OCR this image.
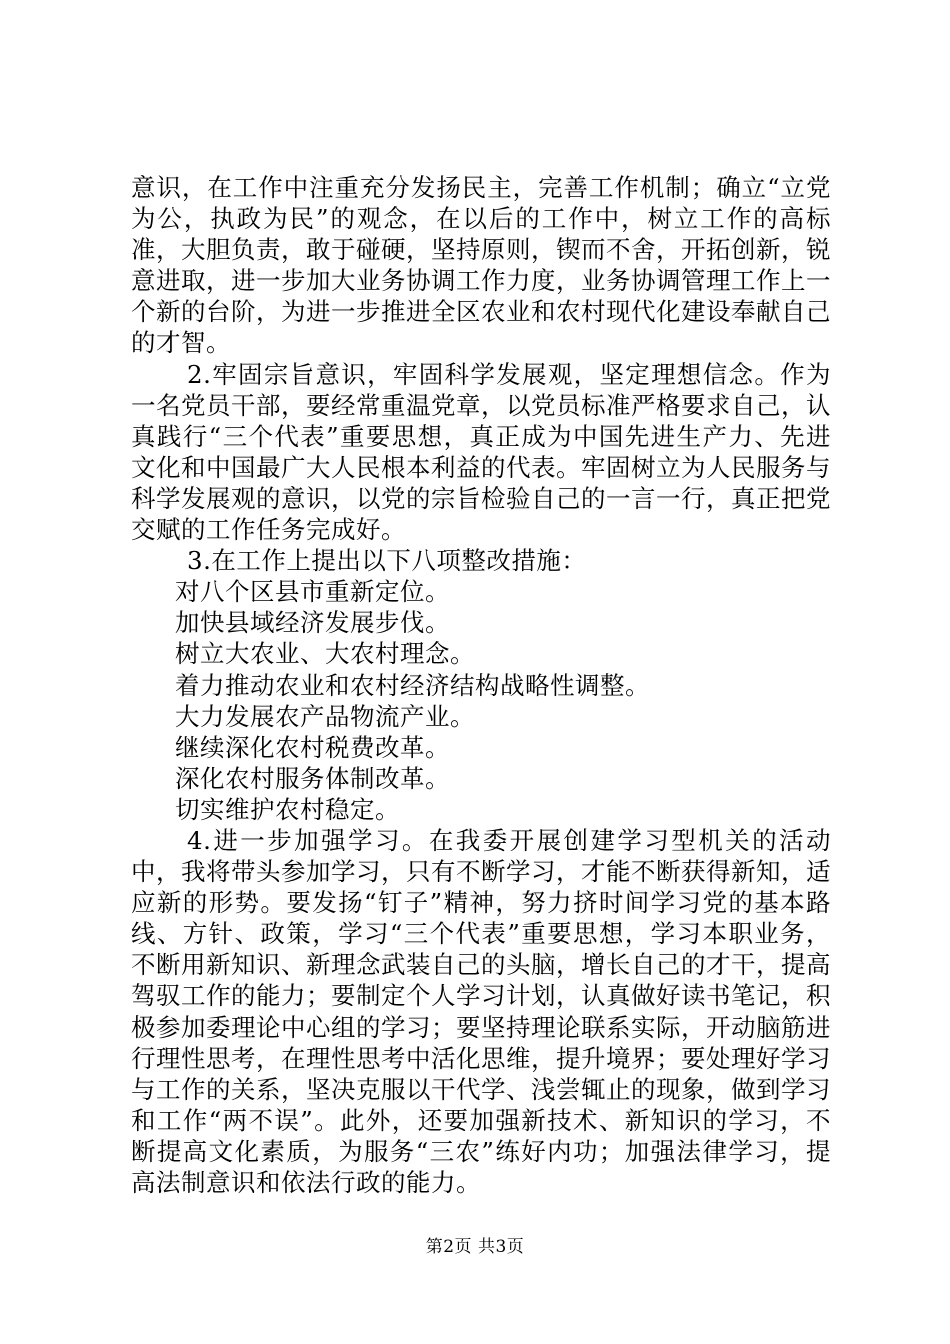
意识，在工作中注重充分发扬民主，完善工作机制；确立“立党为公，执政为民”的观念，在以后的工作中，树立工作的高标准，大胆负责，敢于碰硬，坚持原则，锲而不舍，开拓创新，锐意进取，进一步加大业务协调工作力度，业务协调管理工作上一个新的台阶，为进一步推进全区农业和农村现代化建设奉献自己的才智。

2.牢固宗旨意识，牢固科学发展观，坚定理想信念。作为一名党员干部，要经常重温党章，以党员标准严格要求自己，认真践行“三个代表”重要思想，真正成为中国先进生产力、先进文化和中国最广大人民根本利益的代表。牢固树立为人民服务与科学发展观的意识，以党的宗旨检验自己的一言一行，真正把党交赋的工作任务完成好。

3.在工作上提出以下八项整改措施：

对八个区县市重新定位。

加快县域经济发展步伐。

树立大农业、大农村理念。

着力推动农业和农村经济结构战略性调整。

大力发展农产品物流产业。

继续深化农村税费改革。

深化农村服务体制改革。

切实维护农村稳定。

4.进一步加强学习。在我委开展创建学习型机关的活动中，我将带头参加学习，只有不断学习，才能不断获得新知，适应新的形势。要发扬“钉子”精神，努力挤时间学习党的基本路线、方针、政策，学习“三个代表”重要思想，学习本职业务，不断用新知识、新理念武装自己的头脑，增长自己的才干，提高驾驭工作的能力；要制定个人学习计划，认真做好读书笔记，积极参加委理论中心组的学习；要坚持理论联系实际，开动脑筋进行理性思考，在理性思考中活化思维，提升境界；要处理好学习与工作的关系，坚决克服以干代学、浅尝辄止的现象，做到学习和工作“两不误”。此外，还要加强新技术、新知识的学习，不断提高文化素质，为服务“三农”练好内功；加强法律学习，提高法制意识和依法行政的能力。

第2页 共3页
